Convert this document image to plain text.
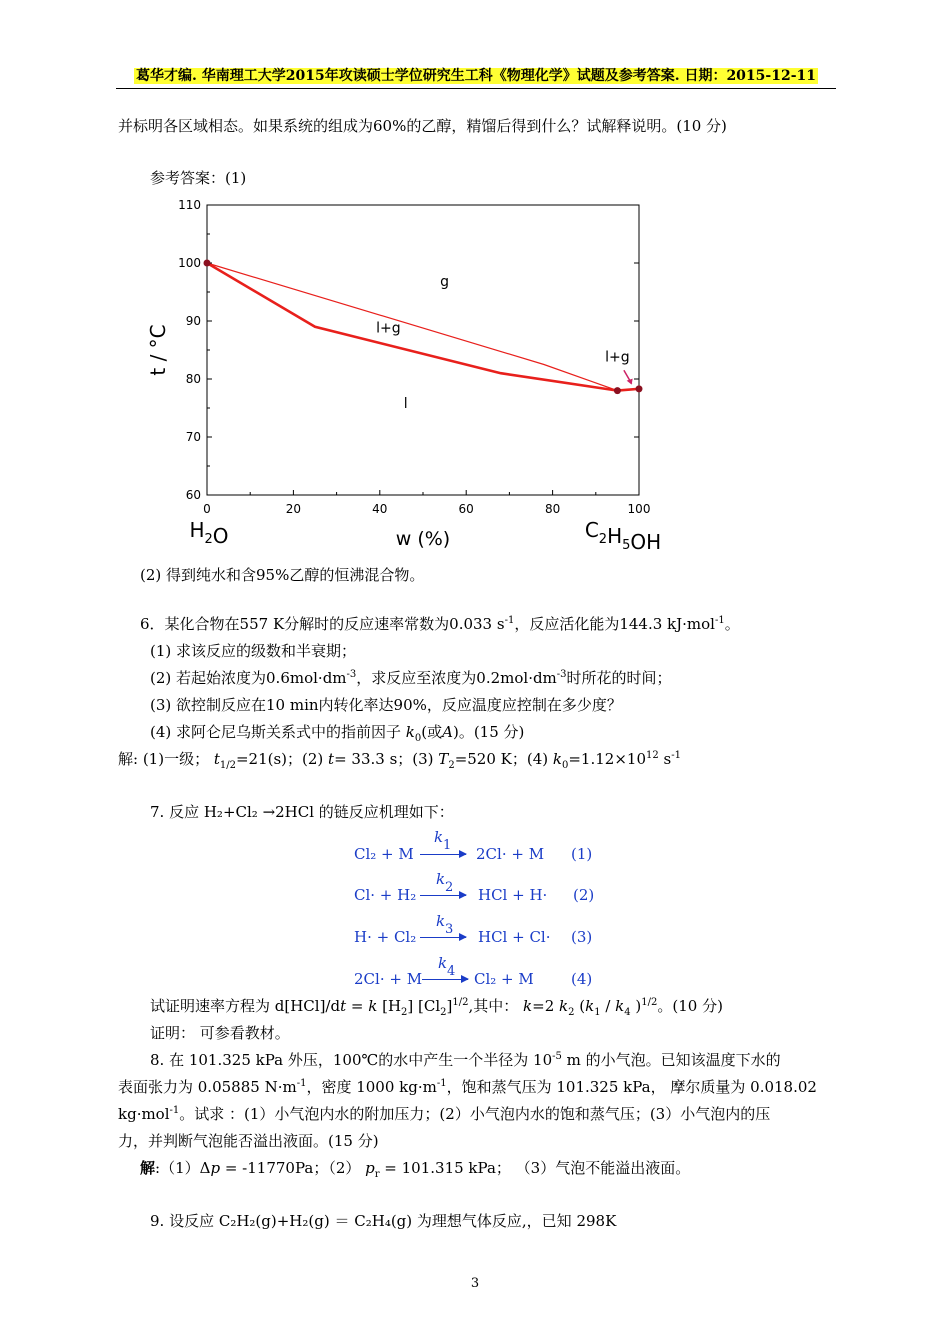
葛华才编. 华南理工大学2015年攻读硕士学位研究生工科《物理化学》试题及参考答案. 日期：2015-12-11
并标明各区域相态。如果系统的组成为60%的乙醇，精馏后得到什么？试解释说明。(10 分)
参考答案：(1)
60
70
80
90
100
110
0	20	40	60	80	100
t / °C
w (%)
$H_2O$	$C_2H_5OH$
g
l+g
l+g
l
(2) 得到纯水和含95%乙醇的恒沸混合物。
6．某化合物在557 K分解时的反应速率常数为0.033 $s^{-1}$，反应活化能为144.3 kJ·mol$^{-1}$。
(1) 求该反应的级数和半衰期；
(2) 若起始浓度为$0.6mol\cdot dm^{-3}$，求反应至浓度为$0.2mol\cdot dm^{-3}$时所花的时间；
(3) 欲控制反应在10 min内转化率达90%，反应温度应控制在多少度？
(4) 求阿仑尼乌斯关系式中的指前因子 $k_0$(或A)。(15 分)
解: (1)一级； $t_{1/2}=21(s)$；(2) t= 33.3 s；(3) $T_2=520$ K；(4) $k_0=1.12\times 10^{12}$ $s^{-1}$
7. 反应 H₂+Cl₂ →2HCl 的链反应机理如下：
Cl₂ + M
k 1 → 2Cl· + M (1)
Cl· + H₂
k 2 → HCl + H· (2)
H· + Cl₂
k 3 → HCl + Cl· (3)
2Cl· + M
k 4 → Cl₂ + M (4)
试证明速率方程为 d[HCl]/dt = k $[H_2]$ $[Cl_2]^{1/2}$,其中： k=2 $k_2$ ($k_1 / k_4$ )$^{1/2}$。(10 分)
证明： 可参看教材。
8. 在 101.325 kPa 外压，100℃的水中产生一个半径为 $10^{-5}$ m 的小气泡。已知该温度下水的
表面张力为 0.05885 $N\cdot m^{-1}$，密度 1000 $kg\cdot m^{-1}$，饱和蒸气压为 101.325 kPa， 摩尔质量为 0.018.02
kg·mol$^{-1}$。试求 ：(1）小气泡内水的附加压力；(2）小气泡内水的饱和蒸气压；(3）小气泡内的压
力，并判断气泡能否溢出液面。(15 分)
解:（1）Δp = -11770Pa；（2） $p_r = 101.315$ kPa； （3）气泡不能溢出液面。
9. 设反应 C₂H₂(g)+H₂(g) ＝ C₂H₄(g) 为理想气体反应,，已知 298K
3
